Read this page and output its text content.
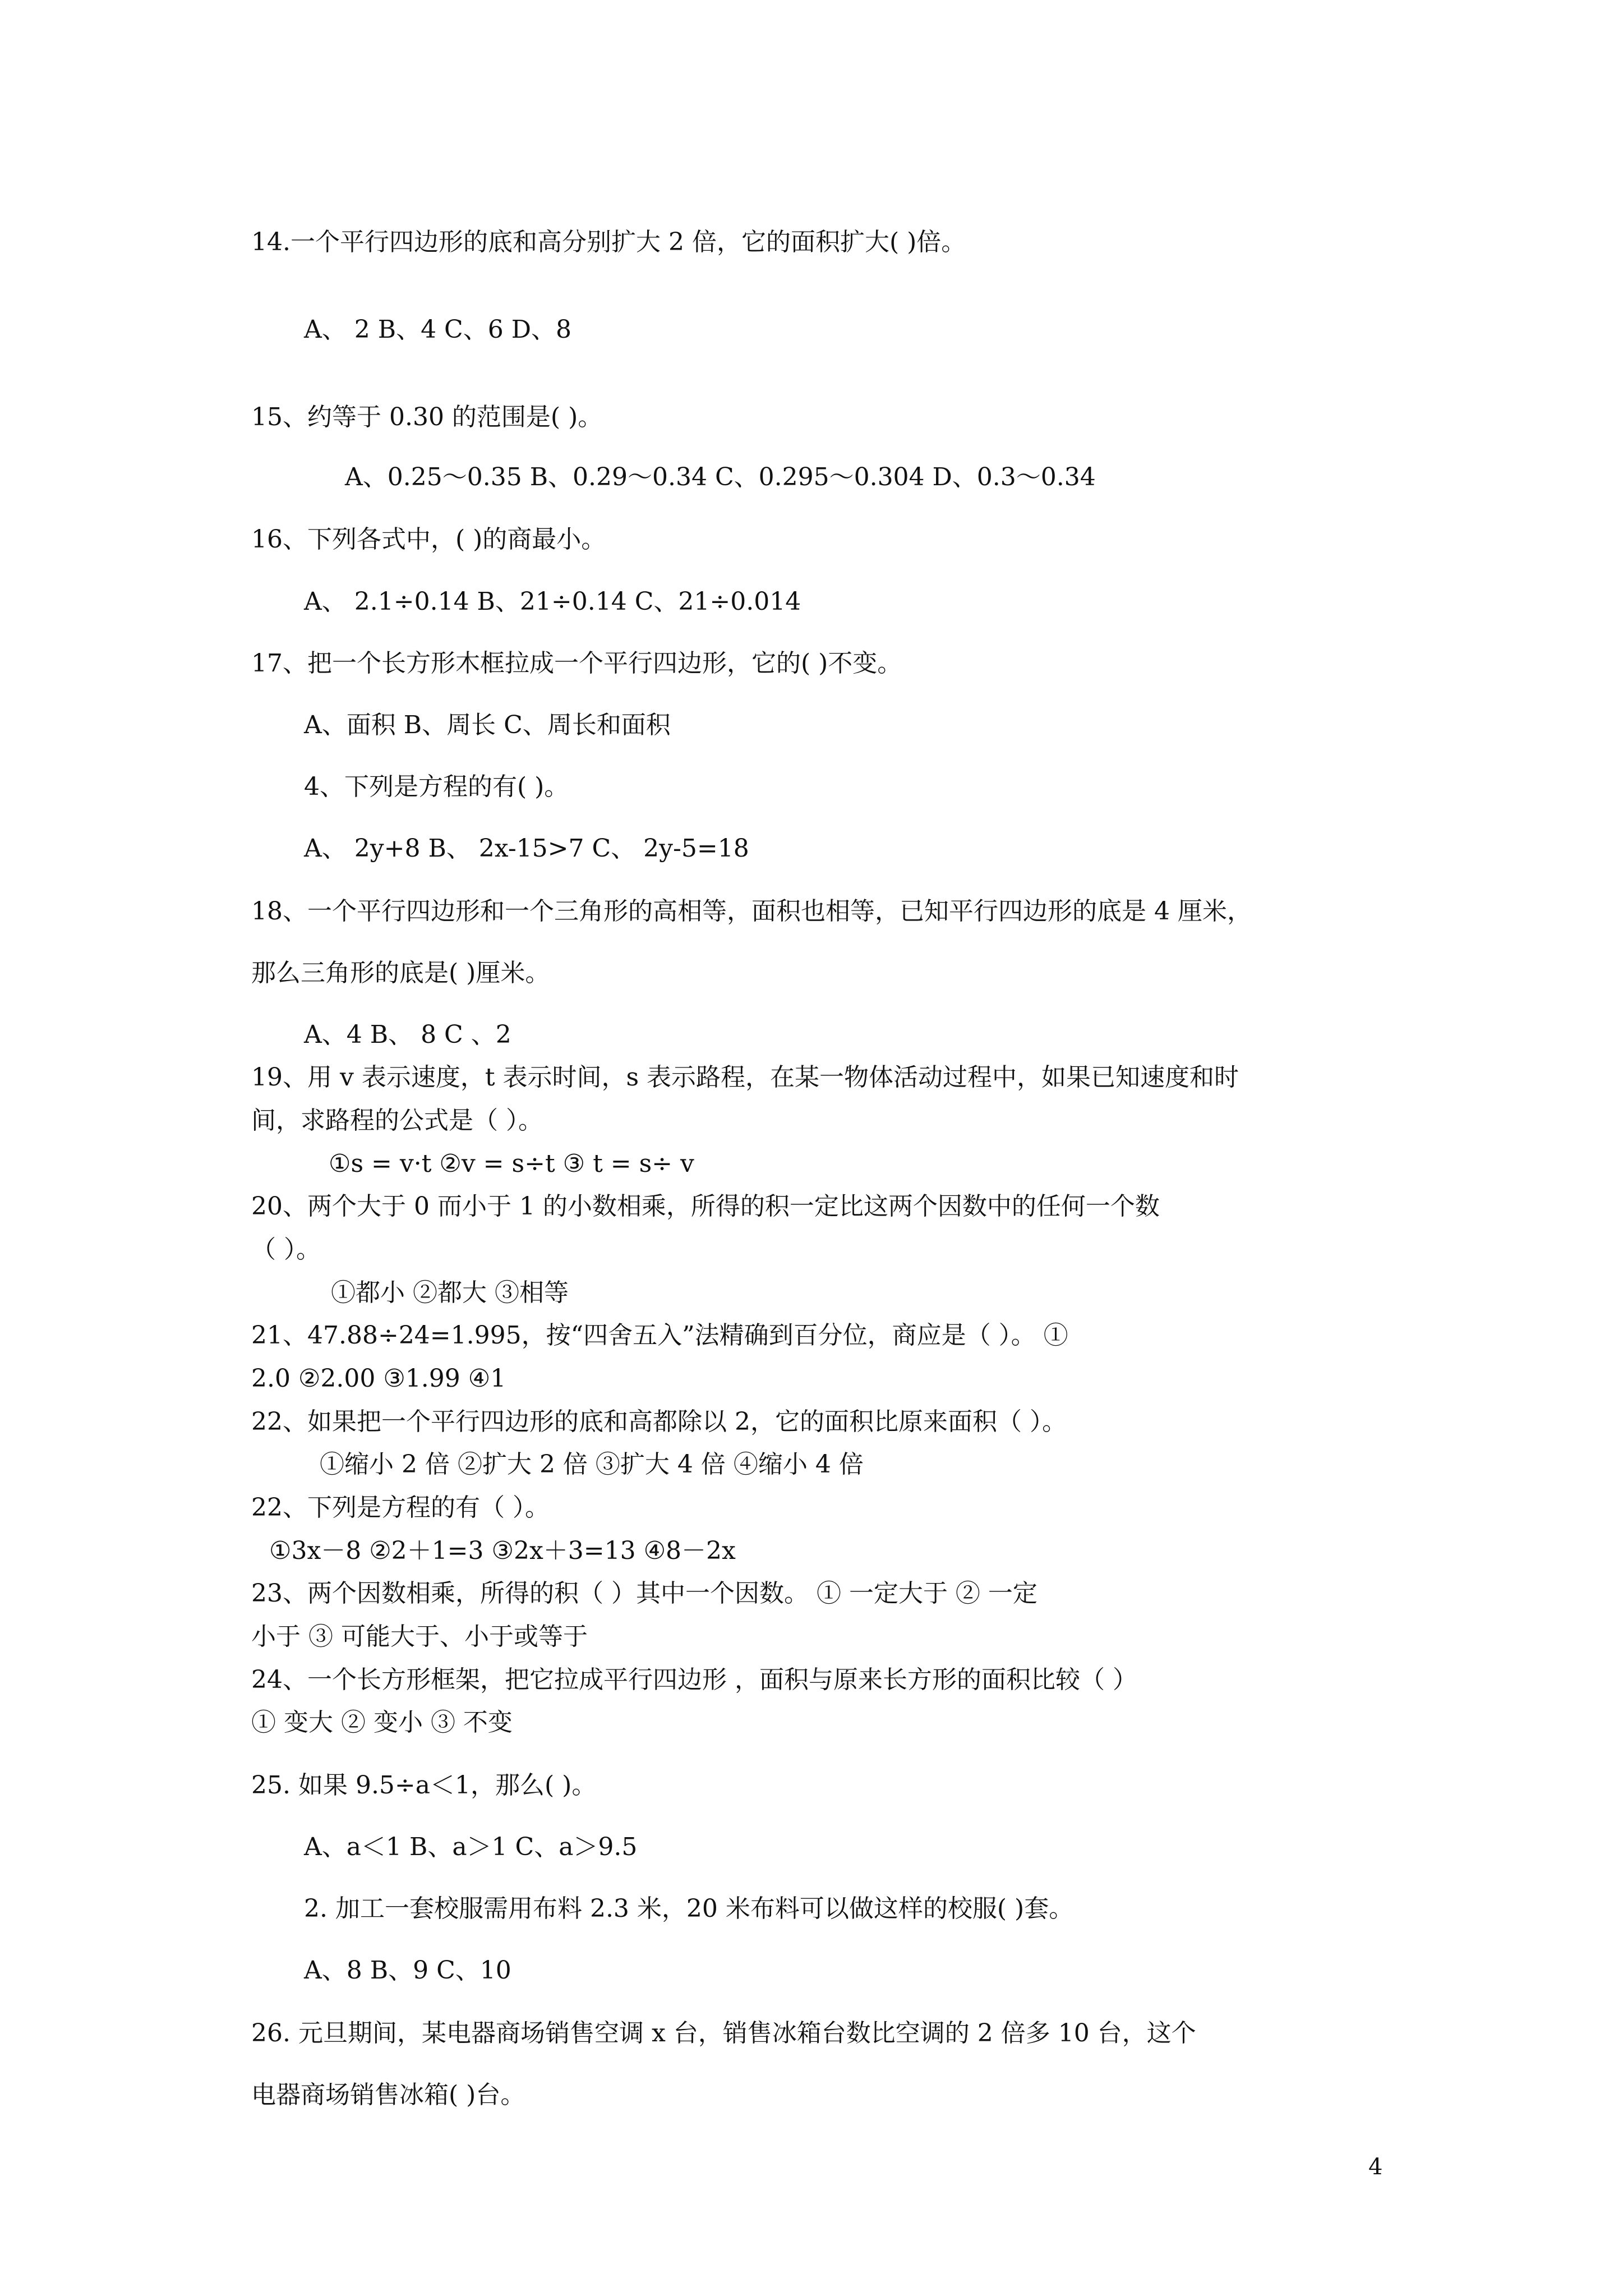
14.一个平行四边形的底和高分别扩大 2 倍，它的面积扩大( )倍。
A、 2 B、4 C、6 D、8
15、约等于 0.30 的范围是( )。
A、0.25～0.35 B、0.29～0.34 C、0.295～0.304 D、0.3～0.34
16、下列各式中，( )的商最小。
A、 2.1÷0.14 B、21÷0.14 C、21÷0.014
17、把一个长方形木框拉成一个平行四边形，它的( )不变。
A、面积 B、周长 C、周长和面积
4、下列是方程的有( )。
A、 2y+8 B、 2x-15>7 C、 2y-5=18
18、一个平行四边形和一个三角形的高相等，面积也相等，已知平行四边形的底是 4 厘米，
那么三角形的底是( )厘米。
A、4 B、 8 C 、2
19、用 v 表示速度，t 表示时间，s 表示路程，在某一物体活动过程中，如果已知速度和时
间，求路程的公式是（ ）。
①s = v·t ②v = s÷t ③ t = s÷ v
20、两个大于 0 而小于 1 的小数相乘，所得的积一定比这两个因数中的任何一个数
（ ）。
①都小 ②都大 ③相等
21、47.88÷24=1.995，按“四舍五入”法精确到百分位，商应是（ ）。 ①
2.0 ②2.00 ③1.99 ④1
22、如果把一个平行四边形的底和高都除以 2，它的面积比原来面积（ ）。
①缩小 2 倍 ②扩大 2 倍 ③扩大 4 倍 ④缩小 4 倍
22、下列是方程的有（ ）。
①3x－8 ②2＋1=3 ③2x＋3=13 ④8－2x
23、两个因数相乘，所得的积（ ）其中一个因数。 ① 一定大于 ② 一定
小于 ③ 可能大于、小于或等于
24、一个长方形框架，把它拉成平行四边形 ，面积与原来长方形的面积比较（ ）
① 变大 ② 变小 ③ 不变
25. 如果 9.5÷a＜1，那么( )。
A、a＜1 B、a＞1 C、a＞9.5
2. 加工一套校服需用布料 2.3 米，20 米布料可以做这样的校服( )套。
A、8 B、9 C、10
26. 元旦期间，某电器商场销售空调 x 台，销售冰箱台数比空调的 2 倍多 10 台，这个
电器商场销售冰箱( )台。
4
